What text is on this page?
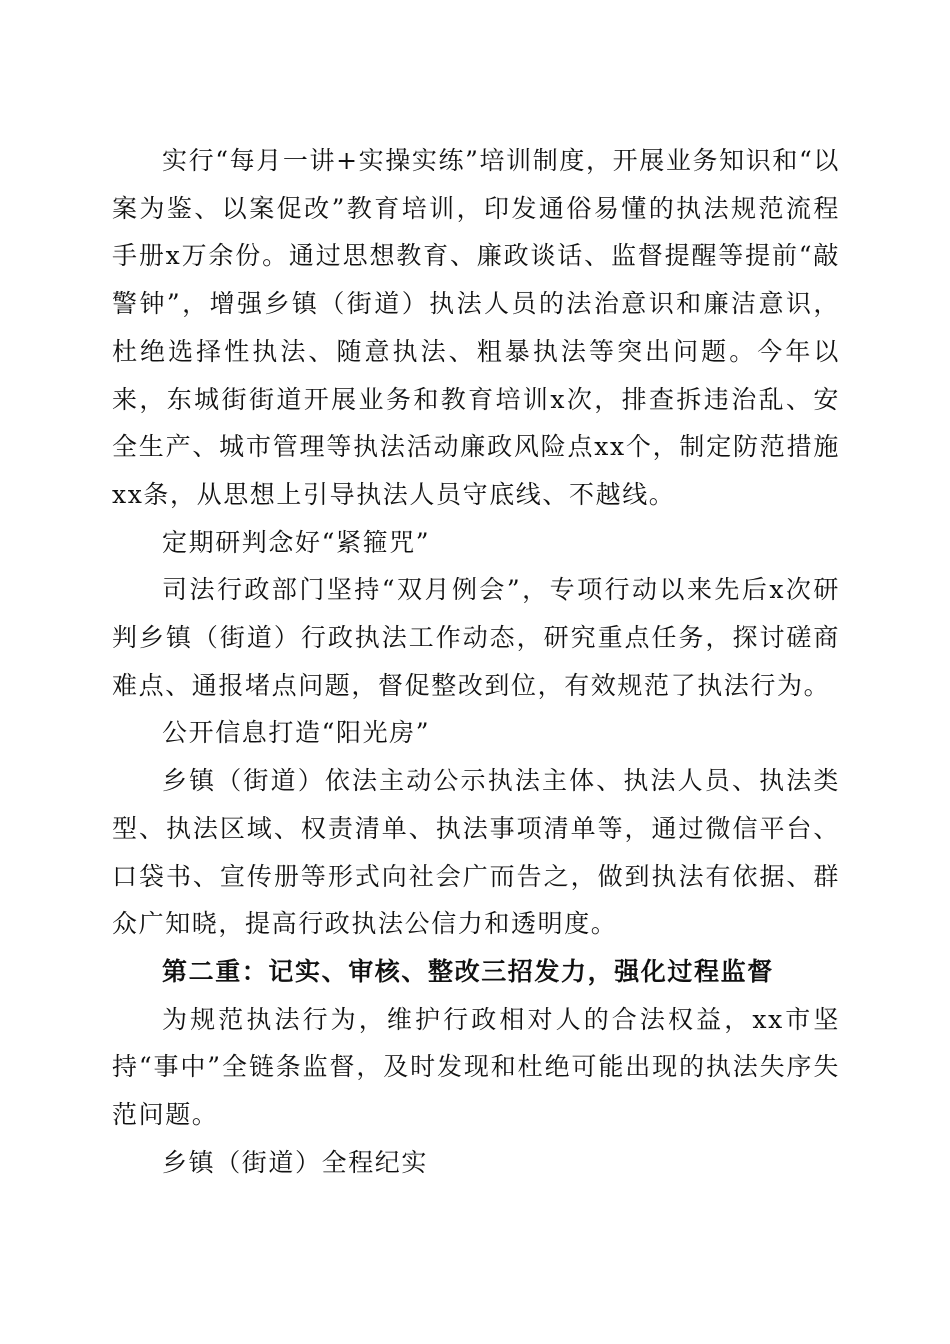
实行“每月一讲+实操实练”培训制度，开展业务知识和“以案为鉴、以案促改”教育培训，印发通俗易懂的执法规范流程手册x万余份。通过思想教育、廉政谈话、监督提醒等提前“敲警钟”，增强乡镇（街道）执法人员的法治意识和廉洁意识，杜绝选择性执法、随意执法、粗暴执法等突出问题。今年以来，东城街街道开展业务和教育培训x次，排查拆违治乱、安全生产、城市管理等执法活动廉政风险点xx个，制定防范措施xx条，从思想上引导执法人员守底线、不越线。

定期研判念好“紧箍咒”

司法行政部门坚持“双月例会”，专项行动以来先后x次研判乡镇（街道）行政执法工作动态，研究重点任务，探讨磋商难点、通报堵点问题，督促整改到位，有效规范了执法行为。

公开信息打造“阳光房”

乡镇（街道）依法主动公示执法主体、执法人员、执法类型、执法区域、权责清单、执法事项清单等，通过微信平台、口袋书、宣传册等形式向社会广而告之，做到执法有依据、群众广知晓，提高行政执法公信力和透明度。

第二重：记实、审核、整改三招发力，强化过程监督

为规范执法行为，维护行政相对人的合法权益，xx市坚持“事中”全链条监督，及时发现和杜绝可能出现的执法失序失范问题。

乡镇（街道）全程纪实
